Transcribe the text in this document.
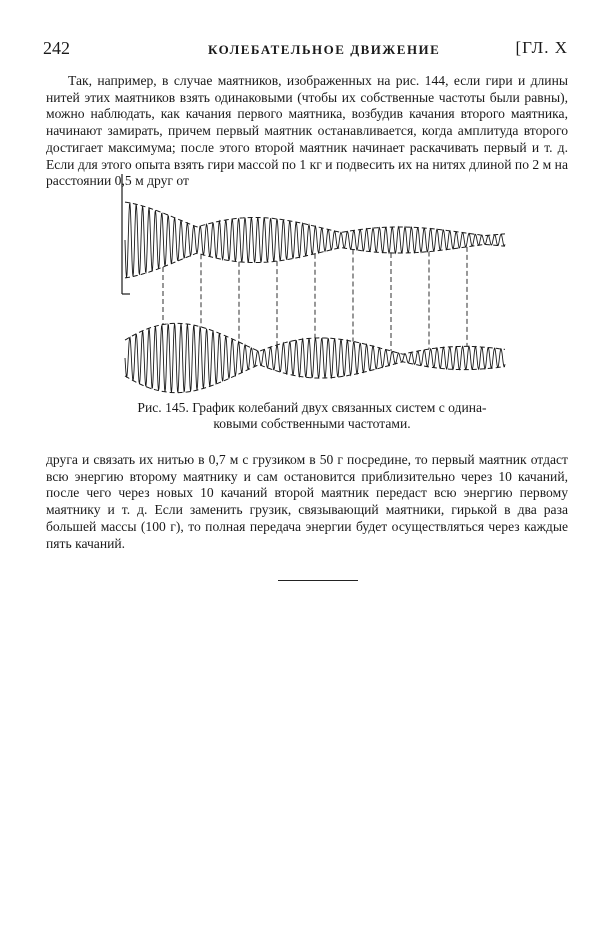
242	КОЛЕБАТЕЛЬНОЕ ДВИЖЕНИЕ	[ГЛ. X

Так, например, в случае маятников, изображенных на рис. 144, если гири и длины нитей этих маятников взять одинаковыми (чтобы их собственные частоты были равны), можно наблюдать, как качания первого маятника, возбудив качания второго маятника, начинают замирать, причем первый маятник останавливается, когда амплитуда второго достигает максимума; после этого второй маятник начинает раскачивать первый и т. д. Если для этого опыта взять гири массой по 1 кг и подвесить их на нитях длиной по 2 м на расстоянии 0,5 м друг от

Рис. 145. График колебаний двух связанных систем с одина-
ковыми собственными частотами.

друга и связать их нитью в 0,7 м с грузиком в 50 г посредине, то первый маятник отдаст всю энергию второму маятнику и сам остановится приблизительно через 10 качаний, после чего через новых 10 качаний второй маятник передаст всю энергию первому маятнику и т. д. Если заменить грузик, связывающий маятники, гирькой в два раза большей массы (100 г), то полная передача энергии будет осуществляться через каждые пять качаний.
